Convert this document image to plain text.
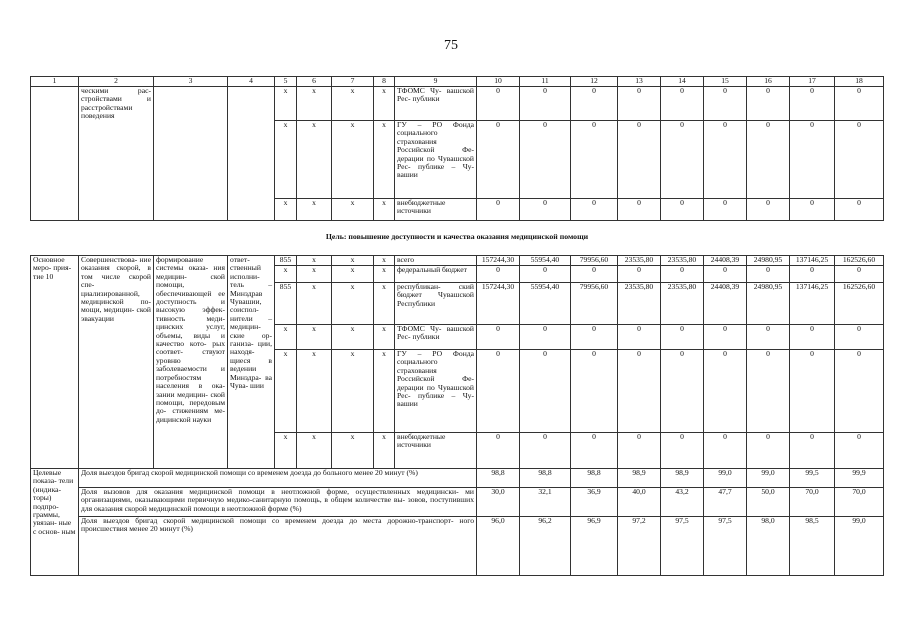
75
1	2	3	4	5	6	7	8	9	10	11	12	13	14	15	16	17	18
	ческими рас- стройствами и расстройствами поведения			x	x	x	x	ТФОМС Чу- вашской Рес- публики	0	0	0	0	0	0	0	0	0
				x	x	x	x	ГУ – РО Фонда социального страхования Российской Фе- дерации по Чувашской Рес- публике – Чу- вашии	0	0	0	0	0	0	0	0	0
				x	x	x	x	внебюджетные источники	0	0	0	0	0	0	0	0	0
Цель: повышение доступности и качества оказания медицинской помощи																	
Основное меро- прия- тие 10	Совершенствова- ние оказания скорой, в том числе скорой спе- циализированной, медицинской по- мощи, медицин- ской эвакуации	формирование системы оказа- ния медицин- ской помощи, обеспечивающей ее доступность и высокую эффек- тивность меди- цинских услуг, объемы, виды и качество кото- рых соответ- ствуют уровню заболеваемости и потребностям населения в ока- зании медицин- ской помощи, передовым до- стижениям ме- дицинской науки	ответ- ственный исполни- тель – Минздрав Чувашии, соиспол- нители – медицин- ские ор- ганиза- ции, находя- щиеся в ведении Минздра- ва Чува- шии	855	x	x	x	всего	157244,30	55954,40	79956,60	23535,80	23535,80	24408,39	24980,95	137146,25	162526,60
				x	x	x	x	федеральный бюджет	0	0	0	0	0	0	0	0	0
				855	x	x	x	республикан- ский бюджет Чувашской Республики	157244,30	55954,40	79956,60	23535,80	23535,80	24408,39	24980,95	137146,25	162526,60
				x	x	x	x	ТФОМС Чу- вашской Рес- публики	0	0	0	0	0	0	0	0	0
				x	x	x	x	ГУ – РО Фонда социального страхования Российской Фе- дерации по Чувашской Рес- публике – Чу- вашии	0	0	0	0	0	0	0	0	0
				x	x	x	x	внебюджетные источники	0	0	0	0	0	0	0	0	0
Целевые показа- тели (индика- торы) подпро- граммы, увязан- ные с основ- ным	Доля выездов бригад скорой медицинской помощи со временем доезда до больного менее 20 минут (%)								98,8	98,8	98,8	98,9	98,9	99,0	99,0	99,5	99,9
	Доля вызовов для оказания медицинской помощи в неотложной форме, осуществленных медицински- ми организациями, оказывающими первичную медико-санитарную помощь, в общем количестве вы- зовов, поступивших для оказания скорой медицинской помощи в неотложной форме (%)								30,0	32,1	36,9	40,0	43,2	47,7	50,0	70,0	70,0
	Доля выездов бригад скорой медицинской помощи со временем доезда до места дорожно-транспорт- ного происшествия менее 20 минут (%)								96,0	96,2	96,9	97,2	97,5	97,5	98,0	98,5	99,0
